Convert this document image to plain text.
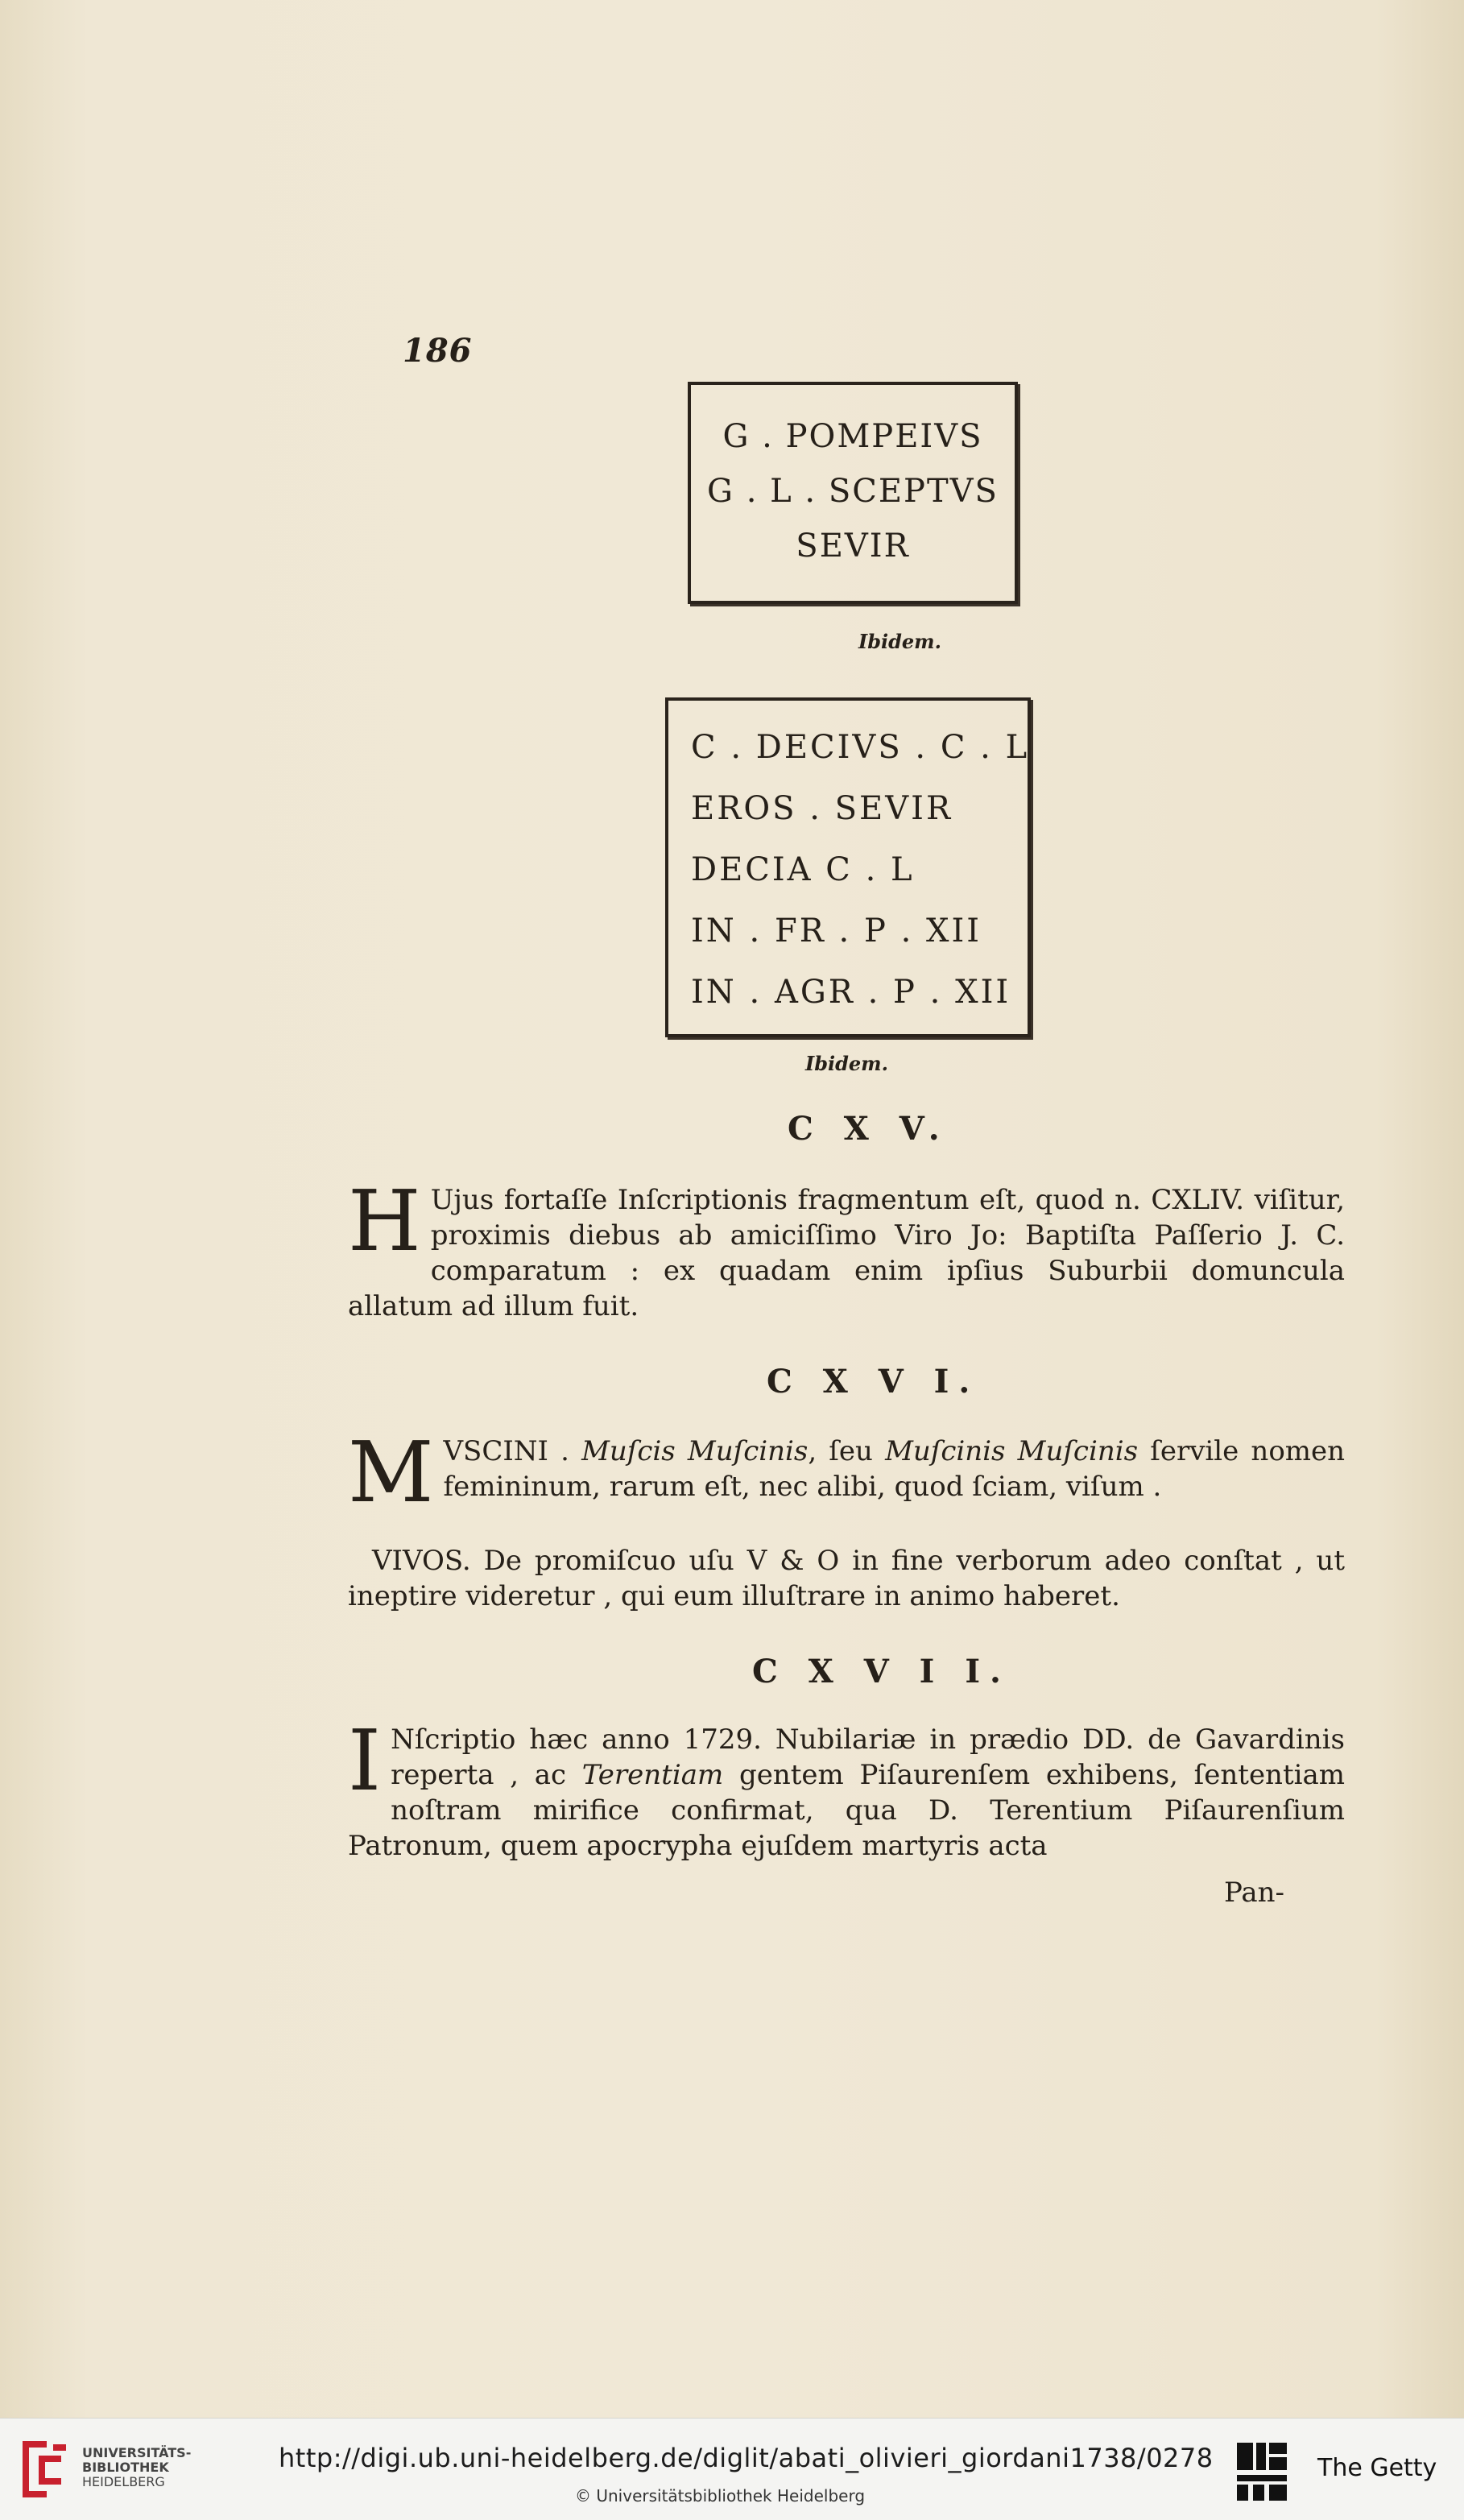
186
G . POMPEIVS
G . L . SCEPTVS
SEVIR
Ibidem.
C . DECIVS . C . L
EROS . SEVIR
DECIA C . L
IN . FR . P . XII
IN . AGR . P . XII
Ibidem.
C X V.
H Ujus fortaſſe Inſcriptionis fragmentum eſt, quod n. CXLIV. viſitur, proximis diebus ab amiciſſimo Viro Jo: Baptiſta Paſſerio J. C. comparatum : ex quadam enim ipſius Suburbii domuncula allatum ad illum fuit.
C X V I.
MVSCINI . Muſcis Muſcinis, ſeu Muſcinis Muſcinis ſervile nomen femininum, rarum eſt, nec alibi, quod ſciam, viſum .
VIVOS. De promiſcuo uſu V & O in fine verborum adeo conſtat , ut ineptire videretur , qui eum illuſtrare in animo haberet.
C X V I I.
I Nſcriptio hæc anno 1729. Nubilariæ in prædio DD. de Gavardinis reperta , ac Terentiam gentem Piſaurenſem exhibens, ſententiam noſtram mirifice confirmat, qua D. Terentium Piſaurenſium Patronum, quem apocrypha ejuſdem martyris acta
Pan-
UNIVERSITÄTS-
BIBLIOTHEK
HEIDELBERG
http://digi.ub.uni-heidelberg.de/diglit/abati_olivieri_giordani1738/0278
© Universitätsbibliothek Heidelberg
The Getty
